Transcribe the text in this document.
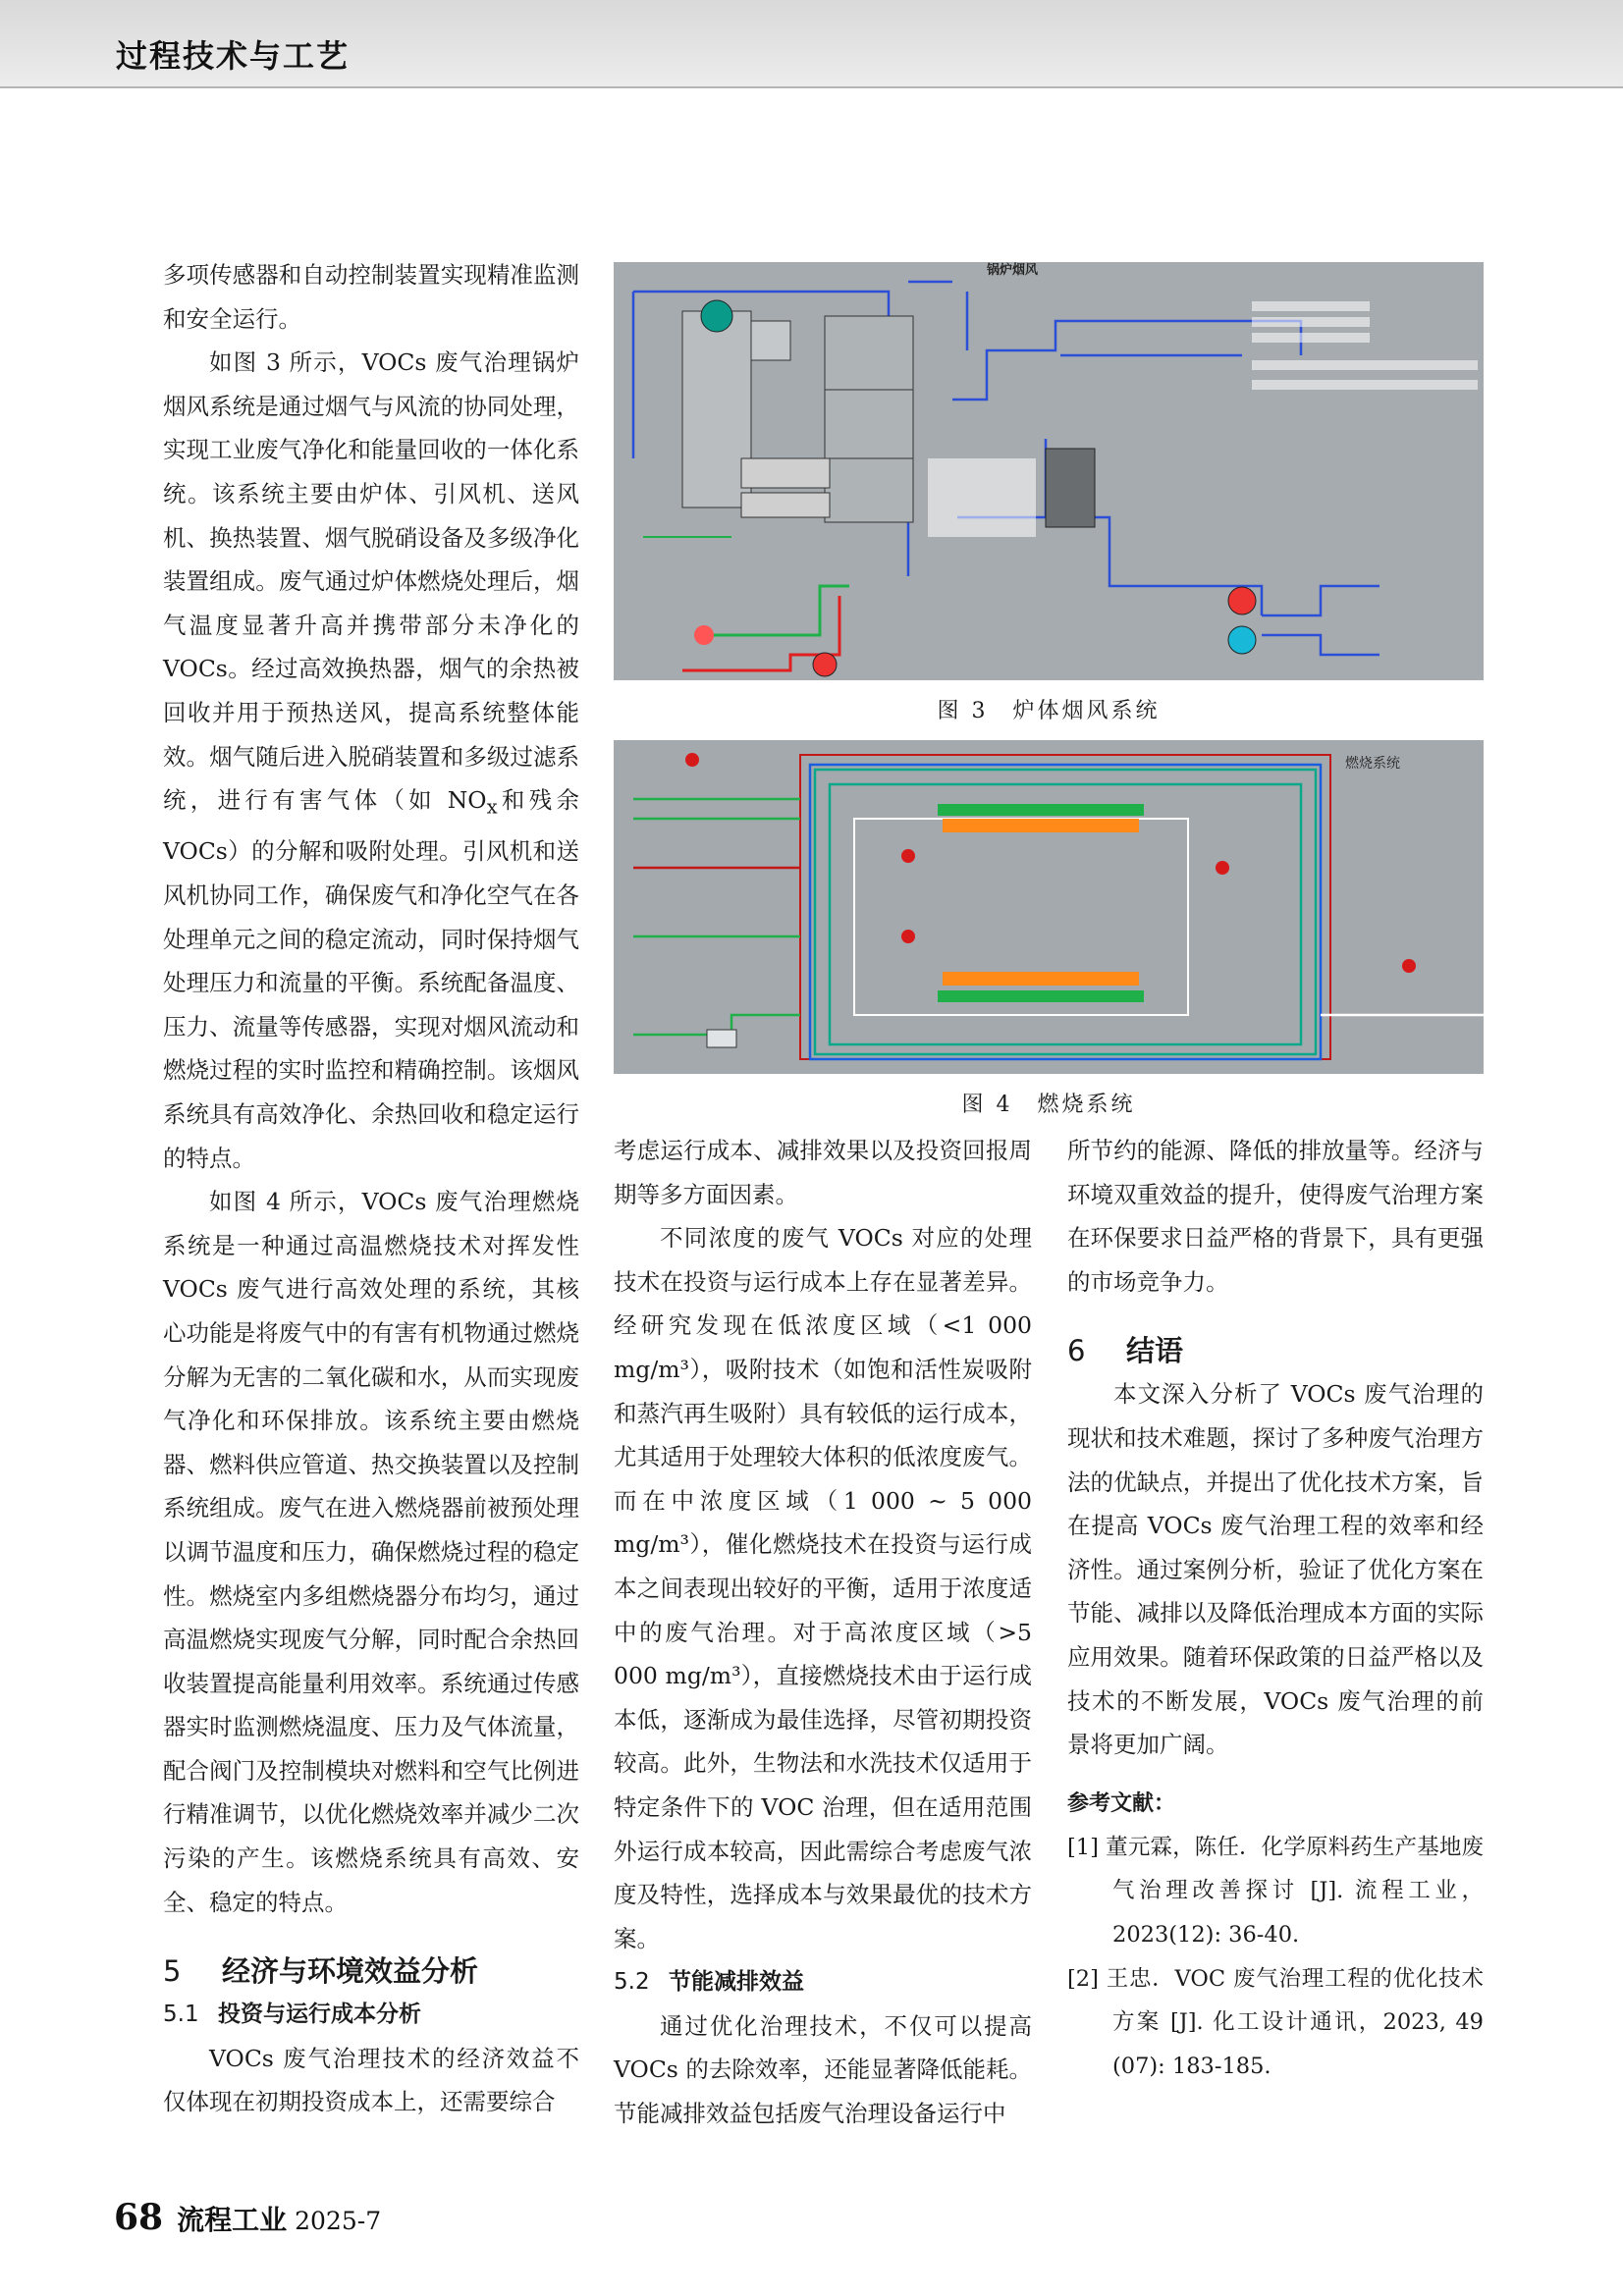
过程技术与工艺

多项传感器和自动控制装置实现精准监测和安全运行。

如图 3 所示，VOCs 废气治理锅炉烟风系统是通过烟气与风流的协同处理，实现工业废气净化和能量回收的一体化系统。该系统主要由炉体、引风机、送风机、换热装置、烟气脱硝设备及多级净化装置组成。废气通过炉体燃烧处理后，烟气温度显著升高并携带部分未净化的 VOCs。经过高效换热器，烟气的余热被回收并用于预热送风，提高系统整体能效。烟气随后进入脱硝装置和多级过滤系统，进行有害气体（如 $NO_x$和残余 VOCs）的分解和吸附处理。引风机和送风机协同工作，确保废气和净化空气在各处理单元之间的稳定流动，同时保持烟气处理压力和流量的平衡。系统配备温度、压力、流量等传感器，实现对烟风流动和燃烧过程的实时监控和精确控制。该烟风系统具有高效净化、余热回收和稳定运行的特点。

如图 4 所示，VOCs 废气治理燃烧系统是一种通过高温燃烧技术对挥发性 VOCs 废气进行高效处理的系统，其核心功能是将废气中的有害有机物通过燃烧分解为无害的二氧化碳和水，从而实现废气净化和环保排放。该系统主要由燃烧器、燃料供应管道、热交换装置以及控制系统组成。废气在进入燃烧器前被预处理以调节温度和压力，确保燃烧过程的稳定性。燃烧室内多组燃烧器分布均匀，通过高温燃烧实现废气分解，同时配合余热回收装置提高能量利用效率。系统通过传感器实时监测燃烧温度、压力及气体流量，配合阀门及控制模块对燃料和空气比例进行精准调节，以优化燃烧效率并减少二次污染的产生。该燃烧系统具有高效、安全、稳定的特点。

5 经济与环境效益分析
5.1 投资与运行成本分析

VOCs 废气治理技术的经济效益不仅体现在初期投资成本上，还需要综合

锅炉烟风
图 3　炉体烟风系统
燃烧系统
图 4　燃烧系统

考虑运行成本、减排效果以及投资回报周期等多方面因素。

不同浓度的废气 VOCs 对应的处理技术在投资与运行成本上存在显著差异。经研究发现在低浓度区域（<1 000 mg/m³），吸附技术（如饱和活性炭吸附和蒸汽再生吸附）具有较低的运行成本，尤其适用于处理较大体积的低浓度废气。而在中浓度区域（1 000 ~ 5 000 mg/m³），催化燃烧技术在投资与运行成本之间表现出较好的平衡，适用于浓度适中的废气治理。对于高浓度区域（>5 000 mg/m³），直接燃烧技术由于运行成本低，逐渐成为最佳选择，尽管初期投资较高。此外，生物法和水洗技术仅适用于特定条件下的 VOC 治理，但在适用范围外运行成本较高，因此需综合考虑废气浓度及特性，选择成本与效果最优的技术方案。

5.2 节能减排效益

通过优化治理技术，不仅可以提高 VOCs 的去除效率，还能显著降低能耗。节能减排效益包括废气治理设备运行中

所节约的能源、降低的排放量等。经济与环境双重效益的提升，使得废气治理方案在环保要求日益严格的背景下，具有更强的市场竞争力。

6 结语

本文深入分析了 VOCs 废气治理的现状和技术难题，探讨了多种废气治理方法的优缺点，并提出了优化技术方案，旨在提高 VOCs 废气治理工程的效率和经济性。通过案例分析，验证了优化方案在节能、减排以及降低治理成本方面的实际应用效果。随着环保政策的日益严格以及技术的不断发展，VOCs 废气治理的前景将更加广阔。

参考文献：
[1] 董元霖，陈任．化学原料药生产基地废气治理改善探讨 [J]. 流程工业，2023(12): 36-40.
[2] 王忠．VOC 废气治理工程的优化技术方案 [J]. 化工设计通讯，2023, 49 (07): 183-185.
68 流程工业 2025-7
